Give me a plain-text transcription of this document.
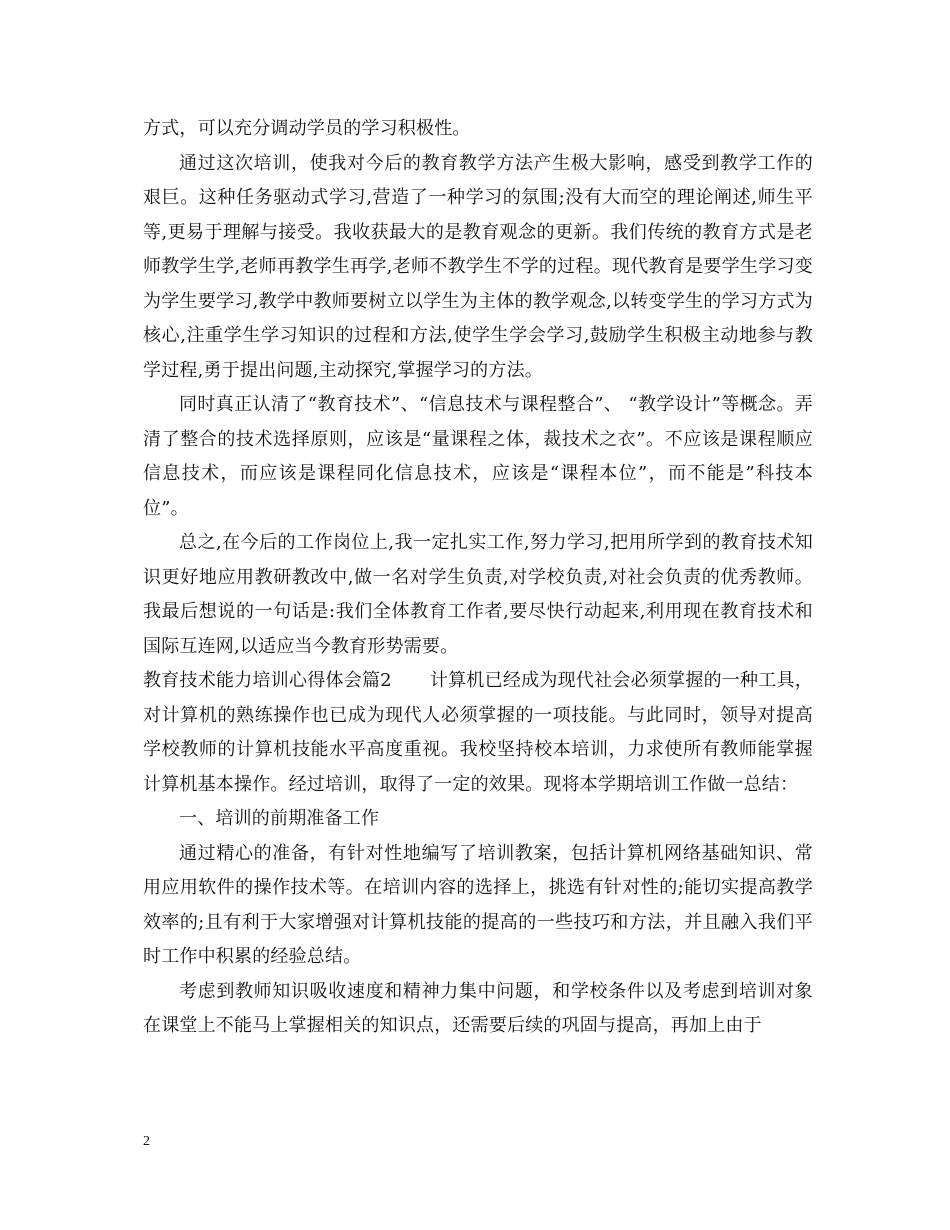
方式，可以充分调动学员的学习积极性。

通过这次培训，使我对今后的教育教学方法产生极大影响，感受到教学工作的艰巨。这种任务驱动式学习,营造了一种学习的氛围;没有大而空的理论阐述,师生平等,更易于理解与接受。我收获最大的是教育观念的更新。我们传统的教育方式是老师教学生学,老师再教学生再学,老师不教学生不学的过程。现代教育是要学生学习变为学生要学习,教学中教师要树立以学生为主体的教学观念,以转变学生的学习方式为核心,注重学生学习知识的过程和方法,使学生学会学习,鼓励学生积极主动地参与教学过程,勇于提出问题,主动探究,掌握学习的方法。

同时真正认清了“教育技术”、“信息技术与课程整合”、 “教学设计”等概念。弄清了整合的技术选择原则，应该是“量课程之体，裁技术之衣”。不应该是课程顺应信息技术，而应该是课程同化信息技术，应该是“课程本位”，而不能是”科技本位”。

总之,在今后的工作岗位上,我一定扎实工作,努力学习,把用所学到的教育技术知识更好地应用教研教改中,做一名对学生负责,对学校负责,对社会负责的优秀教师。我最后想说的一句话是:我们全体教育工作者,要尽快行动起来,利用现在教育技术和国际互连网,以适应当今教育形势需要。

教育技术能力培训心得体会篇2 计算机已经成为现代社会必须掌握的一种工具，对计算机的熟练操作也已成为现代人必须掌握的一项技能。与此同时，领导对提高学校教师的计算机技能水平高度重视。我校坚持校本培训，力求使所有教师能掌握计算机基本操作。经过培训，取得了一定的效果。现将本学期培训工作做一总结：

一、培训的前期准备工作

通过精心的准备，有针对性地编写了培训教案，包括计算机网络基础知识、常用应用软件的操作技术等。在培训内容的选择上，挑选有针对性的;能切实提高教学效率的;且有利于大家增强对计算机技能的提高的一些技巧和方法，并且融入我们平时工作中积累的经验总结。

考虑到教师知识吸收速度和精神力集中问题，和学校条件以及考虑到培训对象在课堂上不能马上掌握相关的知识点，还需要后续的巩固与提高，再加上由于

2
